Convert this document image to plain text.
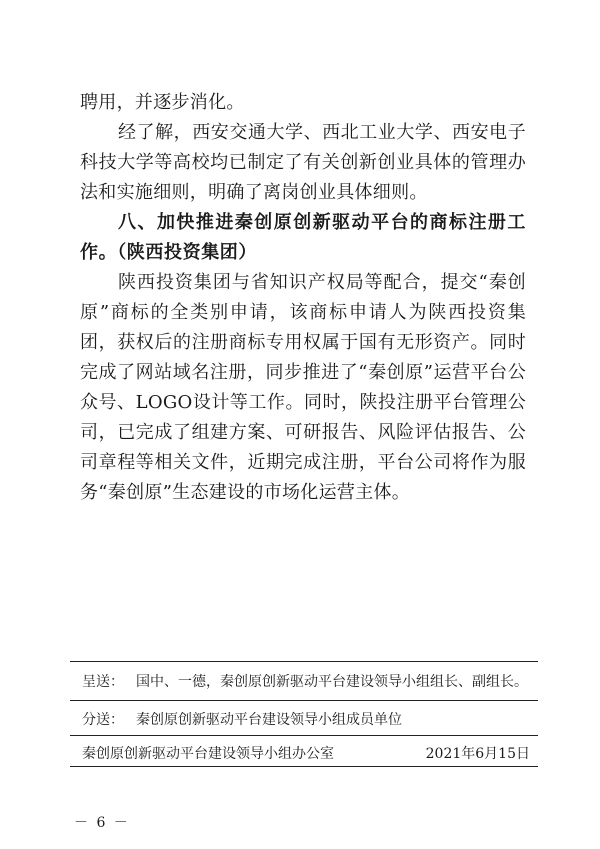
聘用，并逐步消化。

经了解，西安交通大学、西北工业大学、西安电子科技大学等高校均已制定了有关创新创业具体的管理办法和实施细则，明确了离岗创业具体细则。

八、加快推进秦创原创新驱动平台的商标注册工作。（陕西投资集团）

陕西投资集团与省知识产权局等配合，提交“秦创原”商标的全类别申请，该商标申请人为陕西投资集团，获权后的注册商标专用权属于国有无形资产。同时完成了网站域名注册，同步推进了“秦创原”运营平台公众号、LOGO设计等工作。同时，陕投注册平台管理公司，已完成了组建方案、可研报告、风险评估报告、公司章程等相关文件，近期完成注册，平台公司将作为服务“秦创原”生态建设的市场化运营主体。

呈送： 国中、一德，秦创原创新驱动平台建设领导小组组长、副组长。
分送： 秦创原创新驱动平台建设领导小组成员单位
秦创原创新驱动平台建设领导小组办公室	2021年6月15日
－ 6 －
